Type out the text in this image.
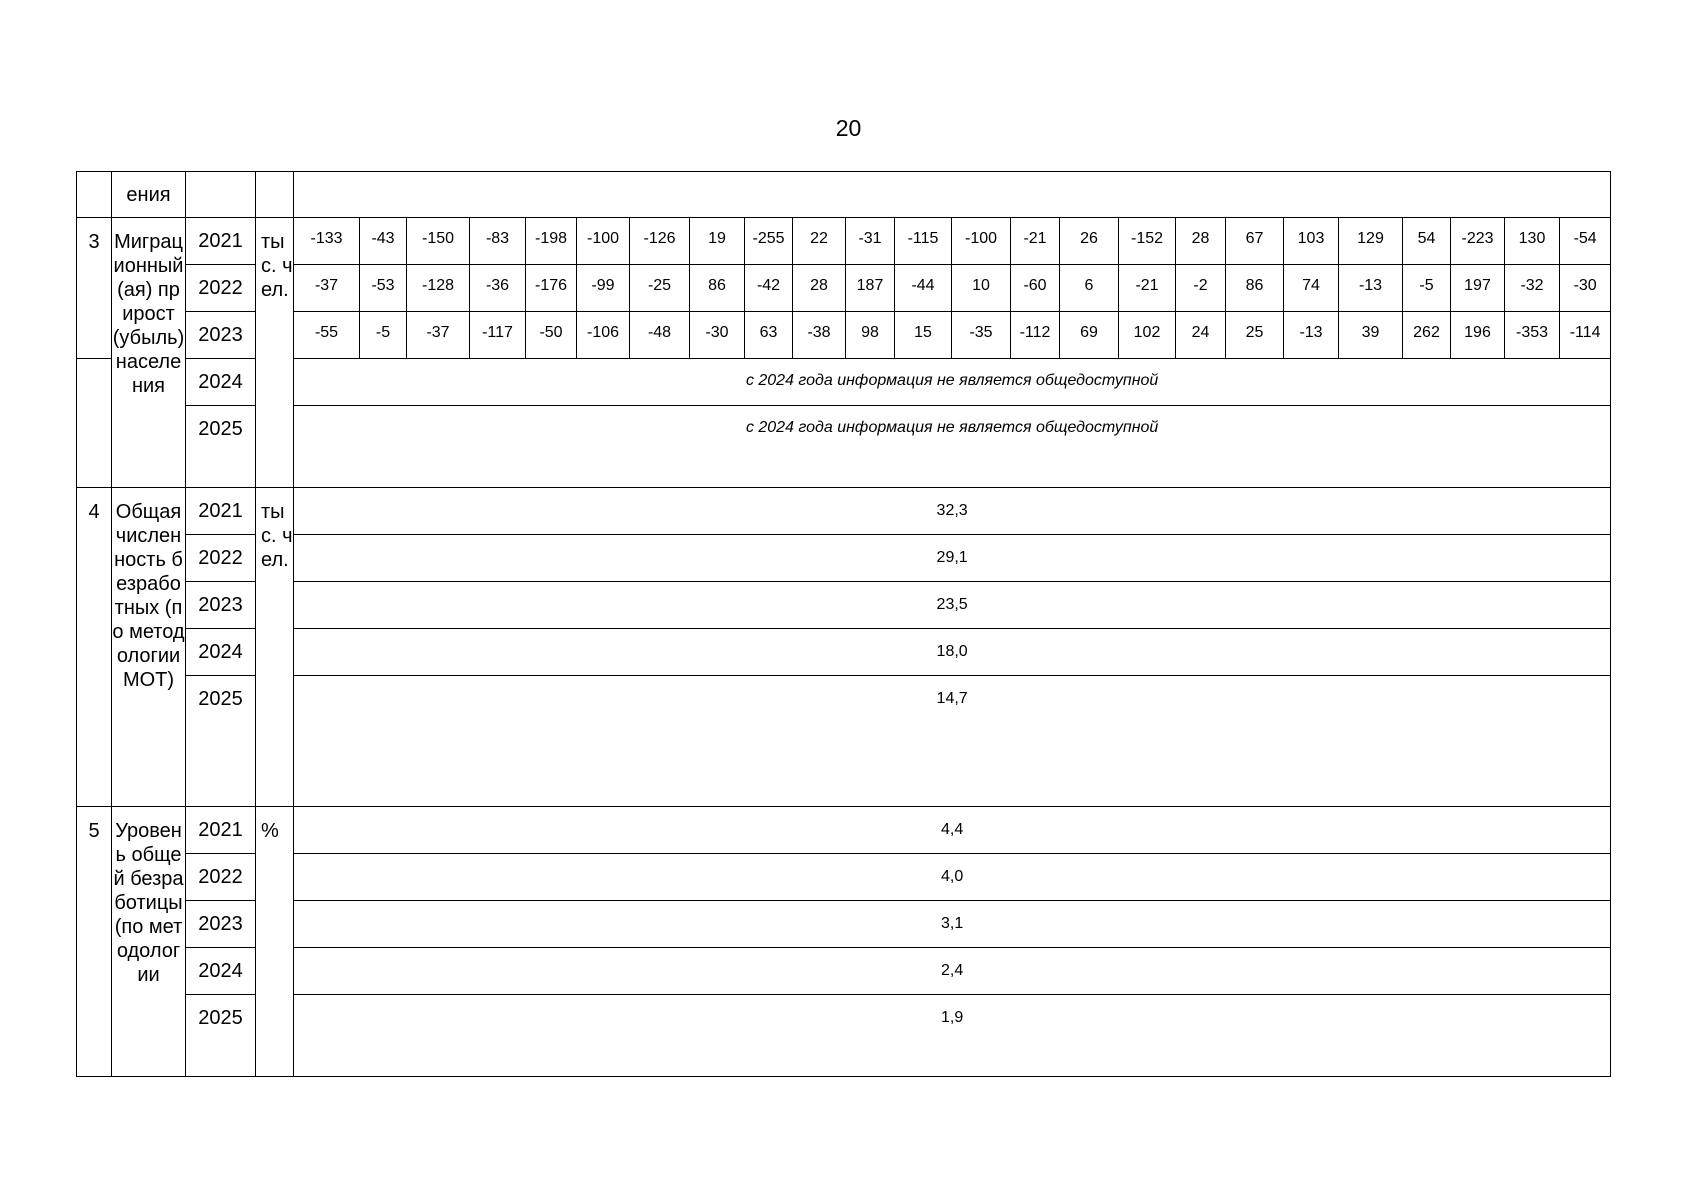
20
	ения																										
3	Миграционный(ая) прирост (убыль) населения	2021	тыс. чел.	-133	-43	-150	-83	-198	-100	-126	19	-255	22	-31	-115	-100	-21	26	-152	28	67	103	129	54	-223	130	-54
		2022		-37	-53	-128	-36	-176	-99	-25	86	-42	28	187	-44	10	-60	6	-21	-2	86	74	-13	-5	197	-32	-30
		2023		-55	-5	-37	-117	-50	-106	-48	-30	63	-38	98	15	-35	-112	69	102	24	25	-13	39	262	196	-353	-114
		2024		с 2024 года информация не является общедоступной																							
		2025		с 2024 года информация не является общедоступной																							
4	Общая численность безработных (по методологии МОТ)	2021	тыс. чел.	32,3																							
		2022		29,1																							
		2023		23,5																							
		2024		18,0																							
		2025		14,7																							
5	Уровень общей безработицы (по методологии	2021	%	4,4																							
		2022		4,0																							
		2023		3,1																							
		2024		2,4																							
		2025		1,9																							
